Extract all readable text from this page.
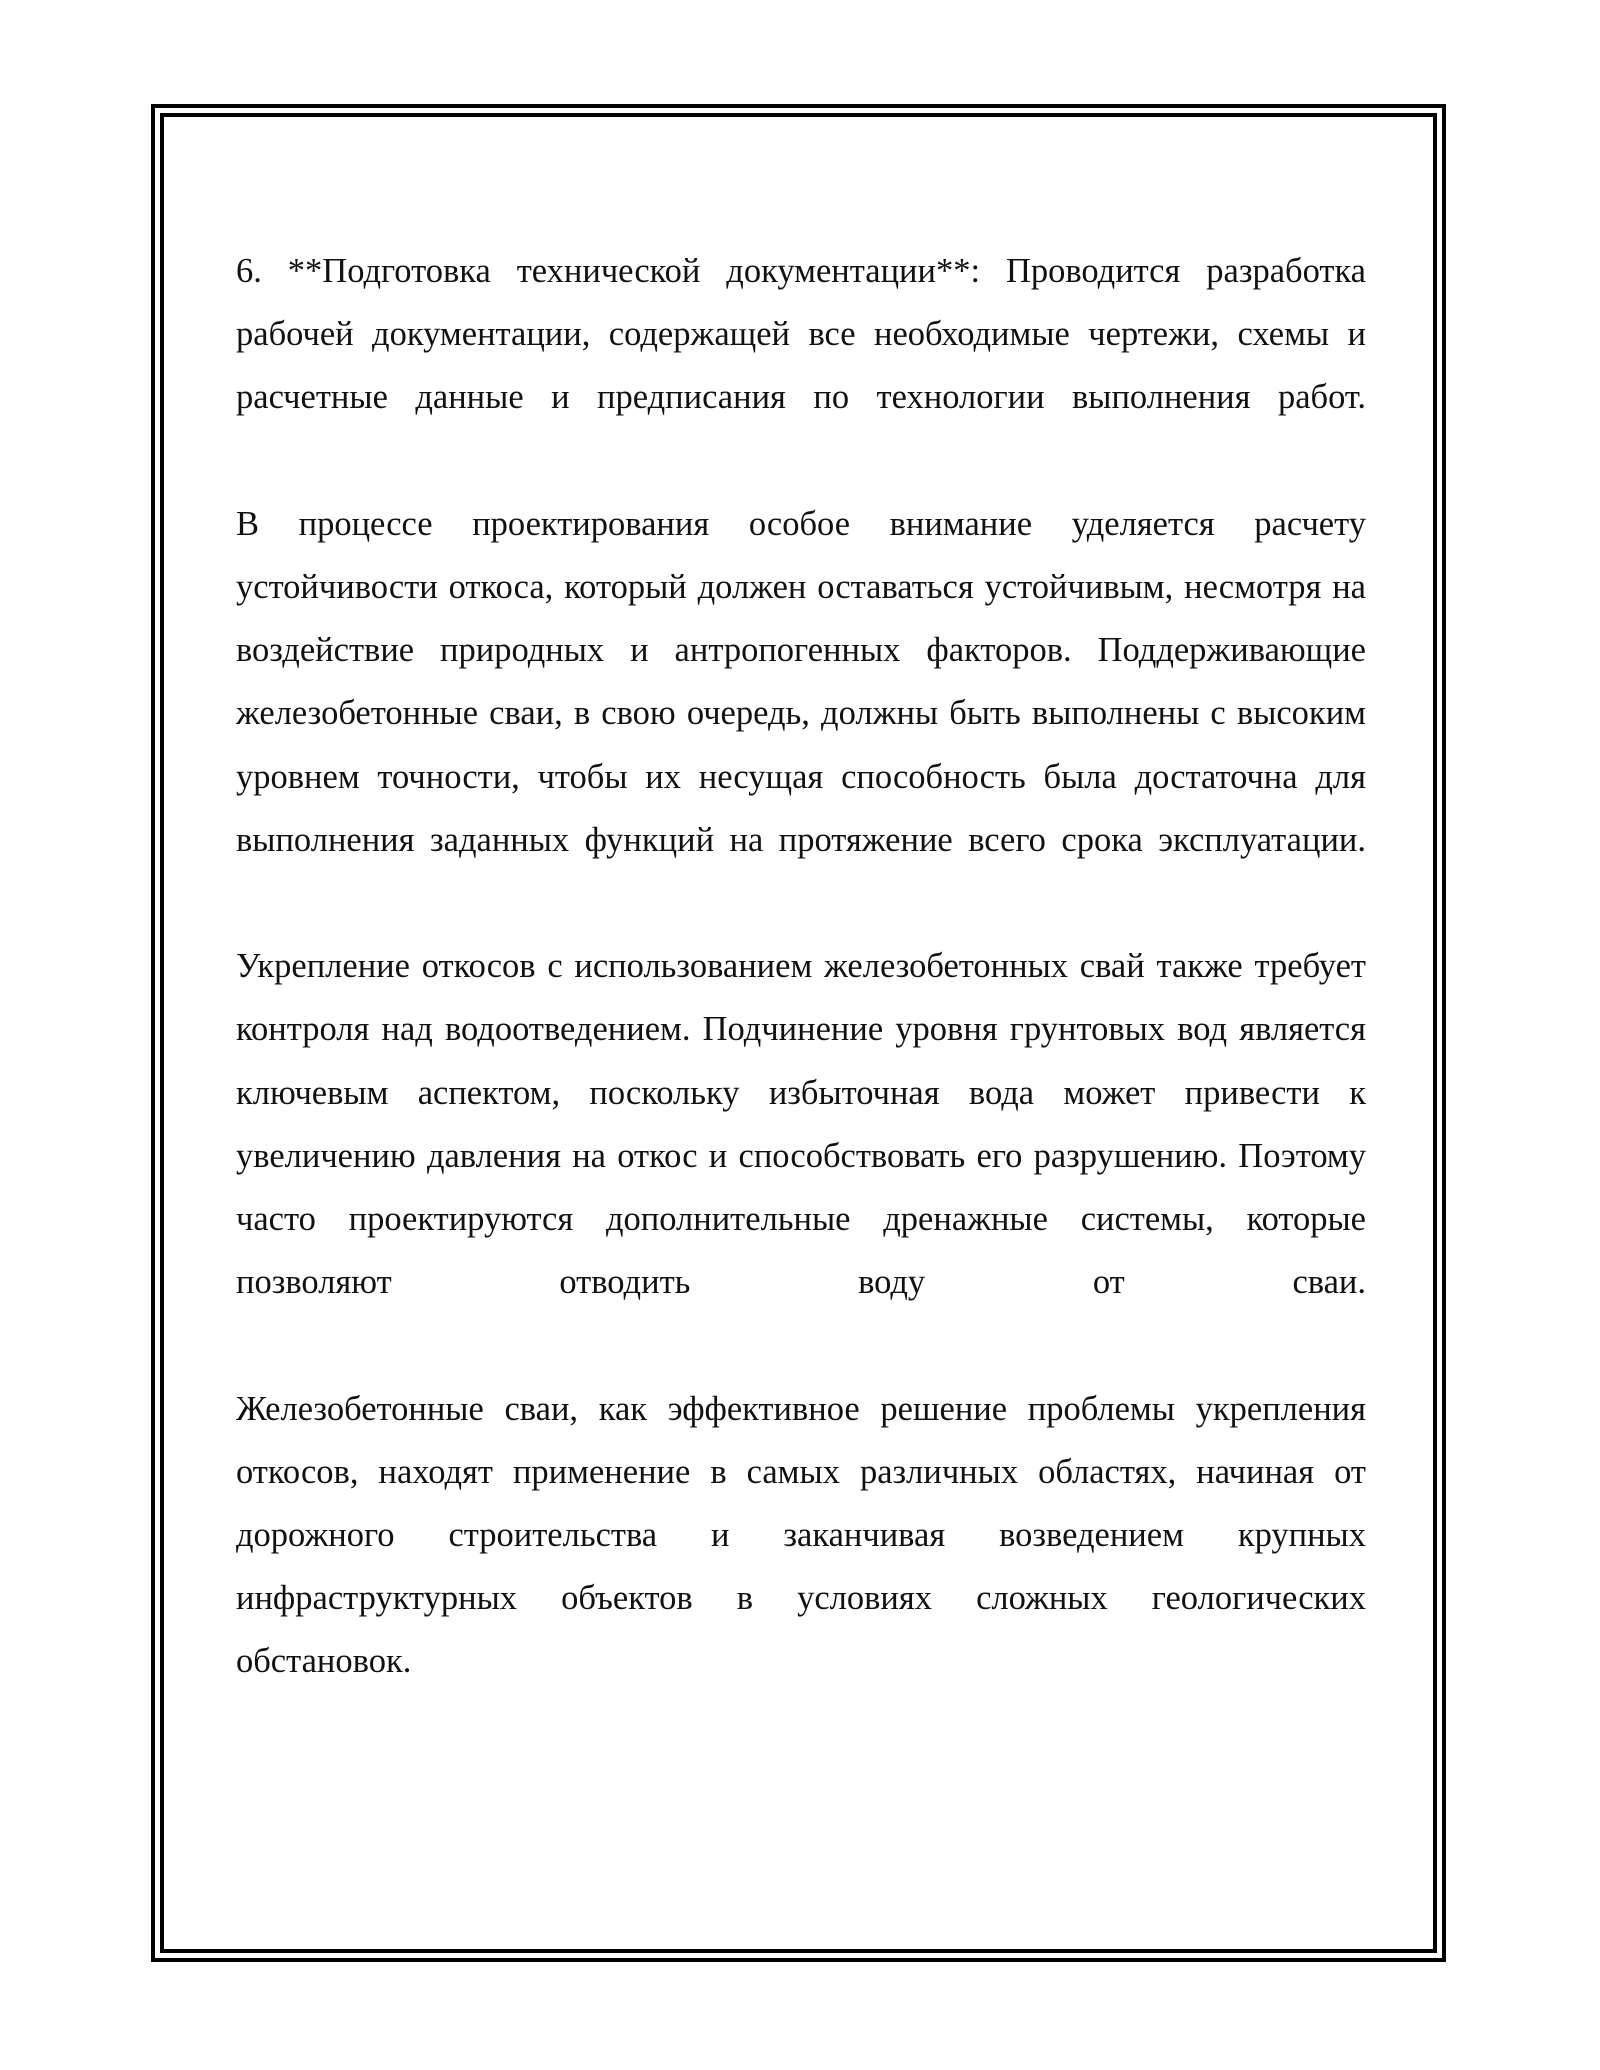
6. **Подготовка технической документации**: Проводится разработка рабочей документации, содержащей все необходимые чертежи, схемы и расчетные данные и предписания по технологии выполнения работ.

В процессе проектирования особое внимание уделяется расчету устойчивости откоса, который должен оставаться устойчивым, несмотря на воздействие природных и антропогенных факторов. Поддерживающие железобетонные сваи, в свою очередь, должны быть выполнены с высоким уровнем точности, чтобы их несущая способность была достаточна для выполнения заданных функций на протяжение всего срока эксплуатации.

Укрепление откосов с использованием железобетонных свай также требует контроля над водоотведением. Подчинение уровня грунтовых вод является ключевым аспектом, поскольку избыточная вода может привести к увеличению давления на откос и способствовать его разрушению. Поэтому часто проектируются дополнительные дренажные системы, которые позволяют отводить воду от сваи.

Железобетонные сваи, как эффективное решение проблемы укрепления откосов, находят применение в самых различных областях, начиная от дорожного строительства и заканчивая возведением крупных инфраструктурных объектов в условиях сложных геологических обстановок.
